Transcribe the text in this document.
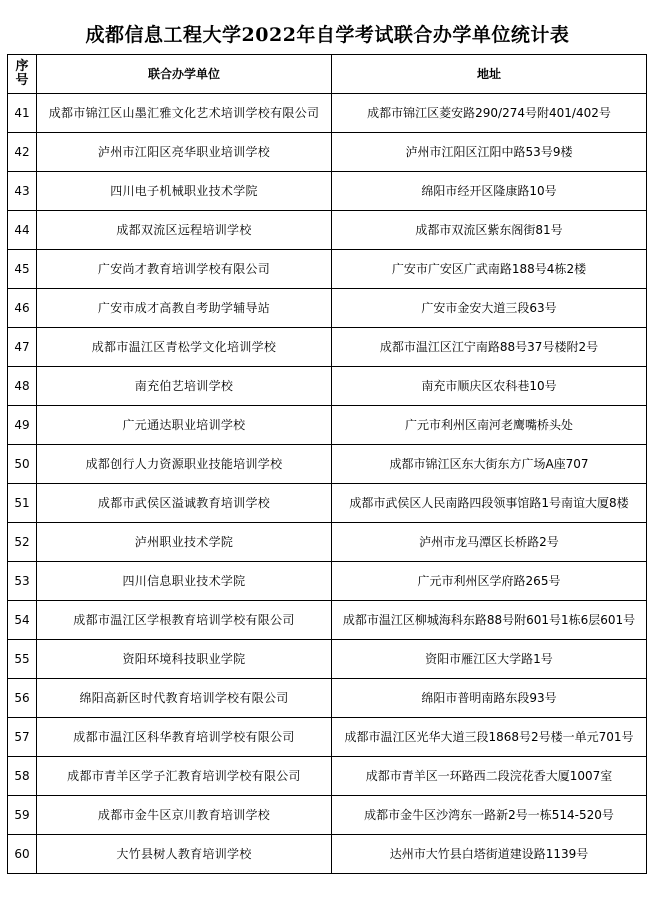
成都信息工程大学2022年自学考试联合办学单位统计表
序号	联合办学单位	地址
41	成都市锦江区山墨汇雅文化艺术培训学校有限公司	成都市锦江区菱安路290/274号附401/402号
42	泸州市江阳区亮华职业培训学校	泸州市江阳区江阳中路53号9楼
43	四川电子机械职业技术学院	绵阳市经开区隆康路10号
44	成都双流区远程培训学校	成都市双流区紫东阁街81号
45	广安尚才教育培训学校有限公司	广安市广安区广武南路188号4栋2楼
46	广安市成才高教自考助学辅导站	广安市金安大道三段63号
47	成都市温江区青松学文化培训学校	成都市温江区江宁南路88号37号楼附2号
48	南充伯艺培训学校	南充市顺庆区农科巷10号
49	广元通达职业培训学校	广元市利州区南河老鹰嘴桥头处
50	成都创行人力资源职业技能培训学校	成都市锦江区东大街东方广场A座707
51	成都市武侯区溢诚教育培训学校	成都市武侯区人民南路四段领事馆路1号南谊大厦8楼
52	泸州职业技术学院	泸州市龙马潭区长桥路2号
53	四川信息职业技术学院	广元市利州区学府路265号
54	成都市温江区学根教育培训学校有限公司	成都市温江区柳城海科东路88号附601号1栋6层601号
55	资阳环境科技职业学院	资阳市雁江区大学路1号
56	绵阳高新区时代教育培训学校有限公司	绵阳市普明南路东段93号
57	成都市温江区科华教育培训学校有限公司	成都市温江区光华大道三段1868号2号楼一单元701号
58	成都市青羊区学子汇教育培训学校有限公司	成都市青羊区一环路西二段浣花香大厦1007室
59	成都市金牛区京川教育培训学校	成都市金牛区沙湾东一路新2号一栋514-520号
60	大竹县树人教育培训学校	达州市大竹县白塔街道建设路1139号
